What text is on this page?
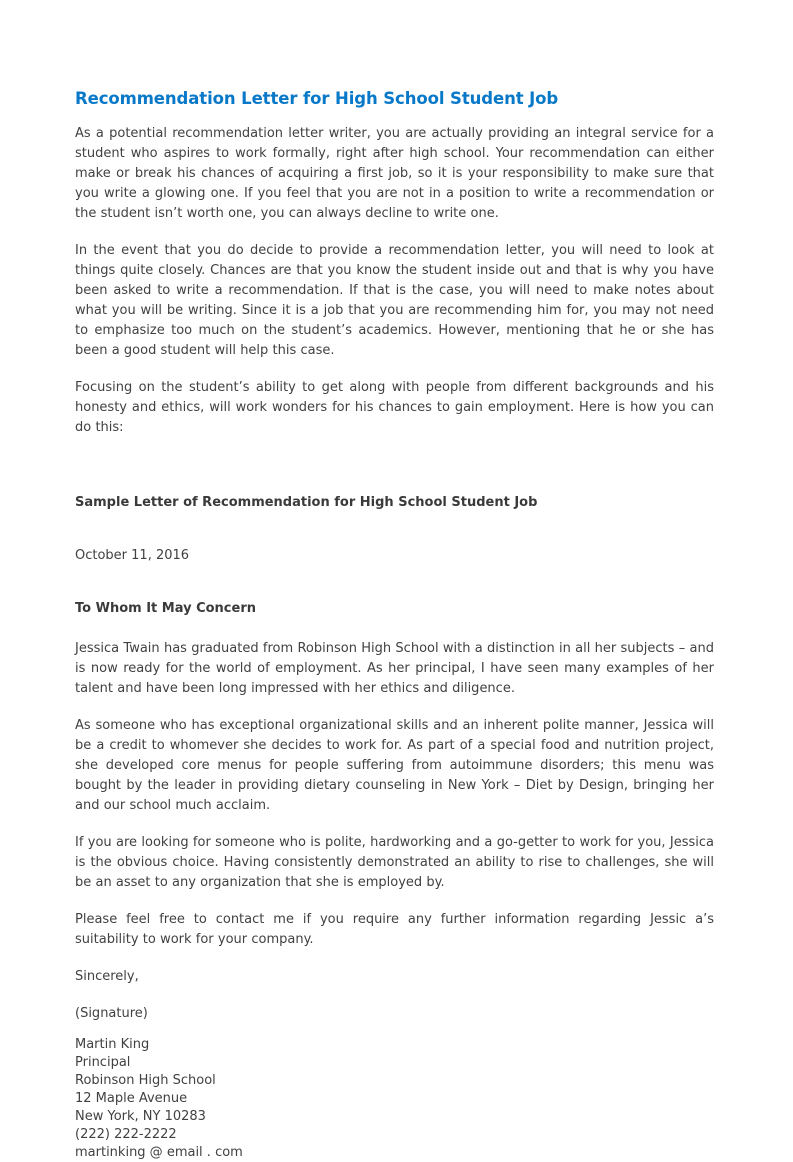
Recommendation Letter for High School Student Job

As a potential recommendation letter writer, you are actually providing an integral service for a student who aspires to work formally, right after high school. Your recommendation can either make or break his chances of acquiring a first job, so it is your responsibility to make sure that you write a glowing one. If you feel that you are not in a position to write a recommendation or the student isn’t worth one, you can always decline to write one.

In the event that you do decide to provide a recommendation letter, you will need to look at things quite closely. Chances are that you know the student inside out and that is why you have been asked to write a recommendation. If that is the case, you will need to make notes about what you will be writing. Since it is a job that you are recommending him for, you may not need to emphasize too much on the student’s academics. However, mentioning that he or she has been a good student will help this case.

Focusing on the student’s ability to get along with people from different backgrounds and his honesty and ethics, will work wonders for his chances to gain employment. Here is how you can do this:

Sample Letter of Recommendation for High School Student Job

October 11, 2016

To Whom It May Concern

Jessica Twain has graduated from Robinson High School with a distinction in all her subjects – and is now ready for the world of employment. As her principal, I have seen many examples of her talent and have been long impressed with her ethics and diligence.

As someone who has exceptional organizational skills and an inherent polite manner, Jessica will be a credit to whomever she decides to work for. As part of a special food and nutrition project, she developed core menus for people suffering from autoimmune disorders; this menu was bought by the leader in providing dietary counseling in New York – Diet by Design, bringing her and our school much acclaim.

If you are looking for someone who is polite, hardworking and a go-getter to work for you, Jessica is the obvious choice. Having consistently demonstrated an ability to rise to challenges, she will be an asset to any organization that she is employed by.

Please feel free to contact me if you require any further information regarding Jessic a’s suitability to work for your company.

Sincerely,

(Signature)

Martin King

Principal

Robinson High School

12 Maple Avenue

New York, NY 10283

(222) 222-2222

martinking @ email . com
